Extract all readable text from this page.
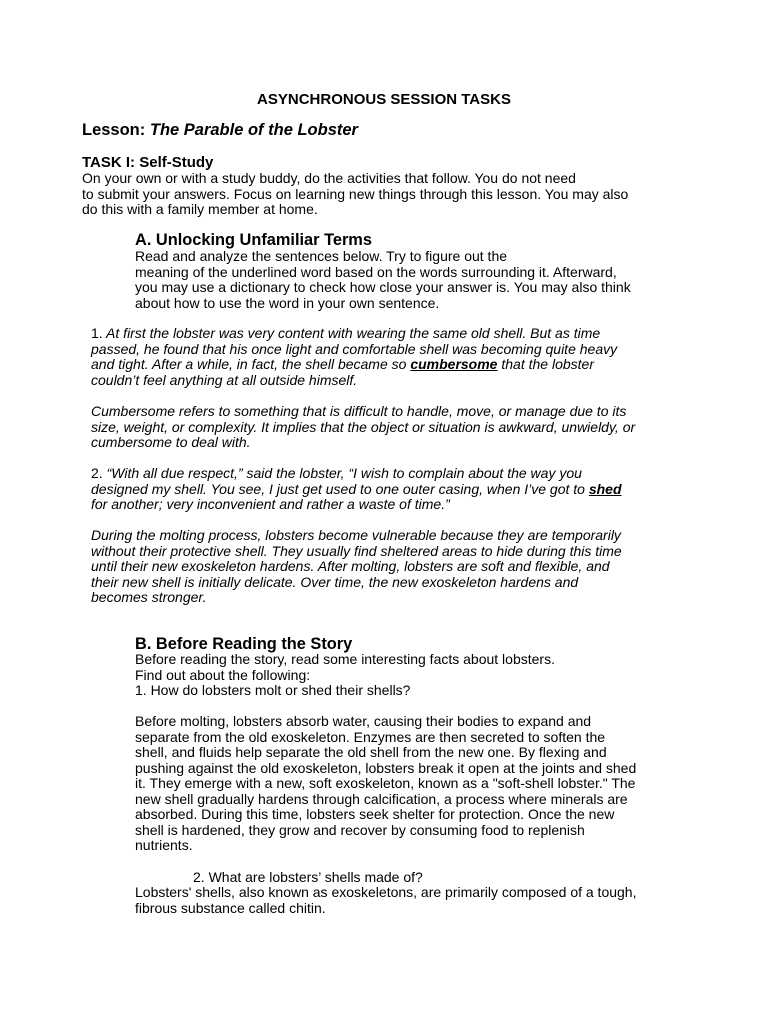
ASYNCHRONOUS SESSION TASKS

Lesson: The Parable of the Lobster

TASK I: Self-Study

On your own or with a study buddy, do the activities that follow. You do not need
to submit your answers. Focus on learning new things through this lesson. You may also
do this with a family member at home.

A. Unlocking Unfamiliar Terms

Read and analyze the sentences below. Try to figure out the
meaning of the underlined word based on the words surrounding it. Afterward,
you may use a dictionary to check how close your answer is. You may also think
about how to use the word in your own sentence.

1. At first the lobster was very content with wearing the same old shell. But as time
passed, he found that his once light and comfortable shell was becoming quite heavy
and tight. After a while, in fact, the shell became so cumbersome that the lobster
couldn’t feel anything at all outside himself.

Cumbersome refers to something that is difficult to handle, move, or manage due to its
size, weight, or complexity. It implies that the object or situation is awkward, unwieldy, or
cumbersome to deal with.

2. “With all due respect,” said the lobster, “I wish to complain about the way you
designed my shell. You see, I just get used to one outer casing, when I’ve got to shed
for another; very inconvenient and rather a waste of time.”

During the molting process, lobsters become vulnerable because they are temporarily
without their protective shell. They usually find sheltered areas to hide during this time
until their new exoskeleton hardens. After molting, lobsters are soft and flexible, and
their new shell is initially delicate. Over time, the new exoskeleton hardens and
becomes stronger.

B. Before Reading the Story

Before reading the story, read some interesting facts about lobsters.
Find out about the following:
1. How do lobsters molt or shed their shells?

Before molting, lobsters absorb water, causing their bodies to expand and
separate from the old exoskeleton. Enzymes are then secreted to soften the
shell, and fluids help separate the old shell from the new one. By flexing and
pushing against the old exoskeleton, lobsters break it open at the joints and shed
it. They emerge with a new, soft exoskeleton, known as a "soft-shell lobster." The
new shell gradually hardens through calcification, a process where minerals are
absorbed. During this time, lobsters seek shelter for protection. Once the new
shell is hardened, they grow and recover by consuming food to replenish
nutrients.

2. What are lobsters’ shells made of?

Lobsters' shells, also known as exoskeletons, are primarily composed of a tough,
fibrous substance called chitin.
